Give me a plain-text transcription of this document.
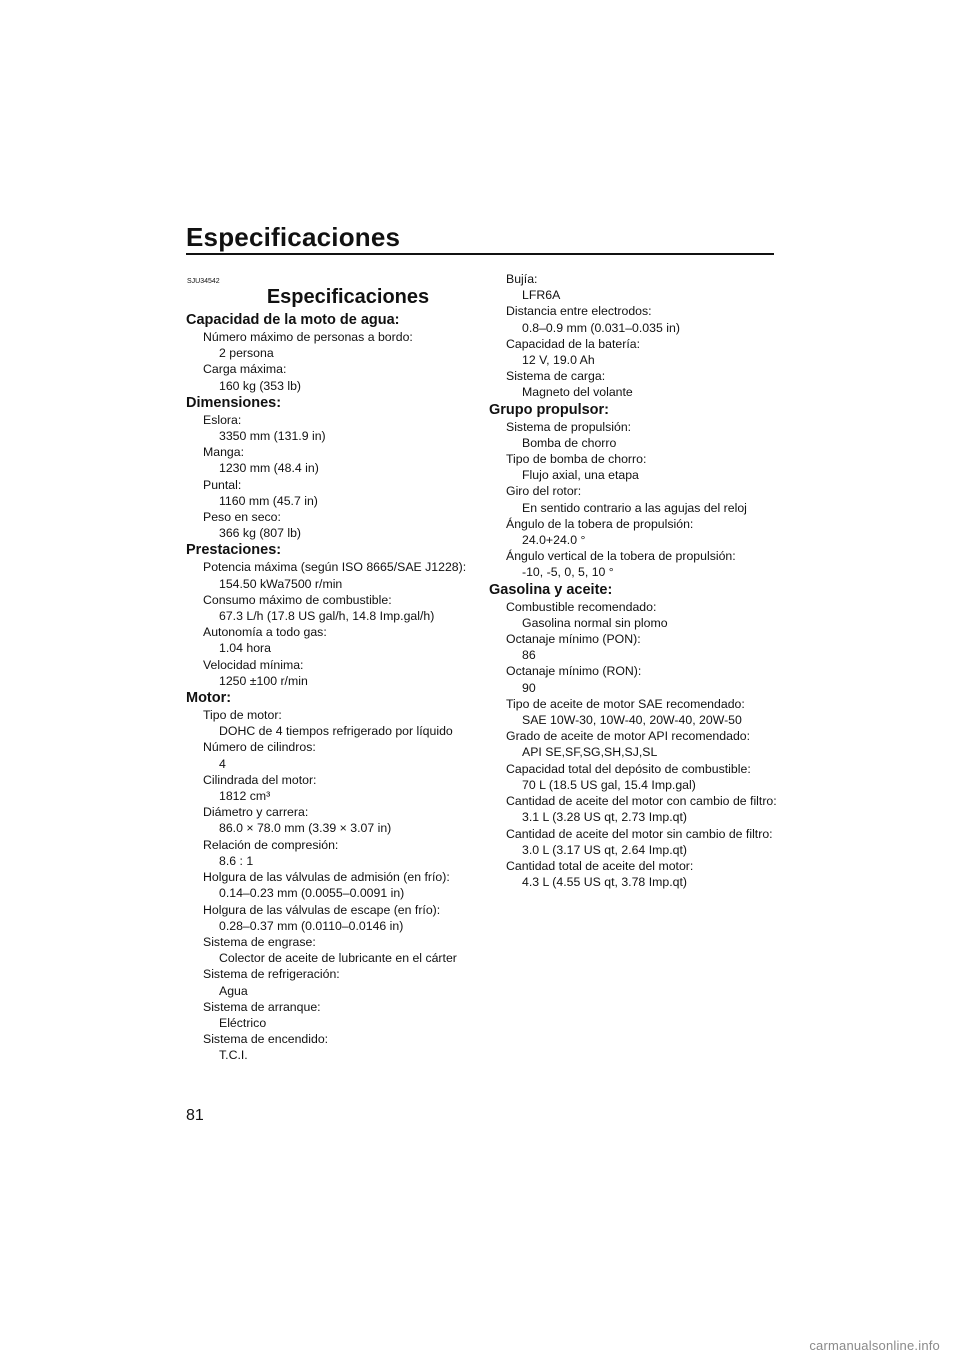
Especificaciones
SJU34542
Especificaciones
Capacidad de la moto de agua:
Número máximo de personas a bordo:
2 persona
Carga máxima:
160 kg (353 lb)
Dimensiones:
Eslora:
3350 mm (131.9 in)
Manga:
1230 mm (48.4 in)
Puntal:
1160 mm (45.7 in)
Peso en seco:
366 kg (807 lb)
Prestaciones:
Potencia máxima (según ISO 8665/SAE J1228):
154.50 kWa7500 r/min
Consumo máximo de combustible:
67.3 L/h (17.8 US gal/h, 14.8 Imp.gal/h)
Autonomía a todo gas:
1.04 hora
Velocidad mínima:
1250 ±100 r/min
Motor:
Tipo de motor:
DOHC de 4 tiempos refrigerado por líquido
Número de cilindros:
4
Cilindrada del motor:
1812 cm³
Diámetro y carrera:
86.0 × 78.0 mm (3.39 × 3.07 in)
Relación de compresión:
8.6 : 1
Holgura de las válvulas de admisión (en frío):
0.14–0.23 mm (0.0055–0.0091 in)
Holgura de las válvulas de escape (en frío):
0.28–0.37 mm (0.0110–0.0146 in)
Sistema de engrase:
Colector de aceite de lubricante en el cárter
Sistema de refrigeración:
Agua
Sistema de arranque:
Eléctrico
Sistema de encendido:
T.C.I.
Bujía:
LFR6A
Distancia entre electrodos:
0.8–0.9 mm (0.031–0.035 in)
Capacidad de la batería:
12 V, 19.0 Ah
Sistema de carga:
Magneto del volante
Grupo propulsor:
Sistema de propulsión:
Bomba de chorro
Tipo de bomba de chorro:
Flujo axial, una etapa
Giro del rotor:
En sentido contrario a las agujas del reloj
Ángulo de la tobera de propulsión:
24.0+24.0 °
Ángulo vertical de la tobera de propulsión:
-10, -5, 0, 5, 10 °
Gasolina y aceite:
Combustible recomendado:
Gasolina normal sin plomo
Octanaje mínimo (PON):
86
Octanaje mínimo (RON):
90
Tipo de aceite de motor SAE recomendado:
SAE 10W-30, 10W-40, 20W-40, 20W-50
Grado de aceite de motor API recomendado:
API SE,SF,SG,SH,SJ,SL
Capacidad total del depósito de combustible:
70 L (18.5 US gal, 15.4 Imp.gal)
Cantidad de aceite del motor con cambio de filtro:
3.1 L (3.28 US qt, 2.73 Imp.qt)
Cantidad de aceite del motor sin cambio de filtro:
3.0 L (3.17 US qt, 2.64 Imp.qt)
Cantidad total de aceite del motor:
4.3 L (4.55 US qt, 3.78 Imp.qt)
81
carmanualsonline.info
